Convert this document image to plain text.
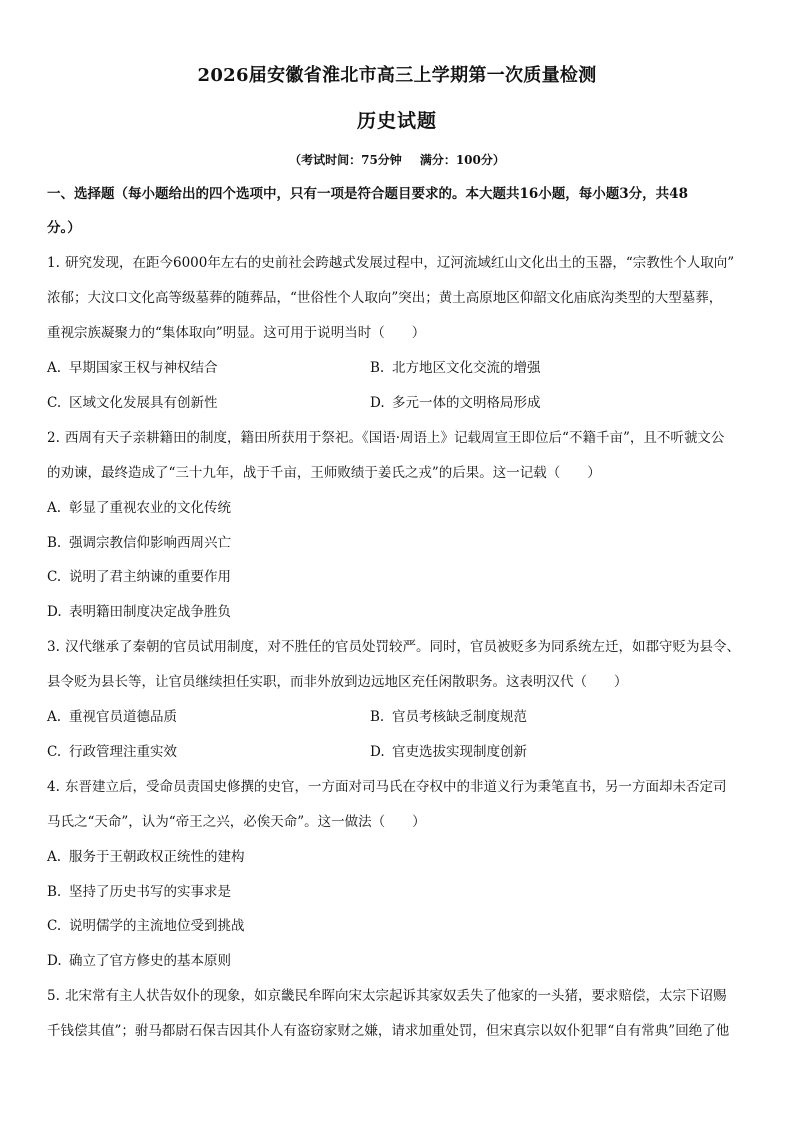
2026届安徽省淮北市高三上学期第一次质量检测
历史试题
（考试时间：75分钟 满分：100分）
一、选择题（每小题给出的四个选项中，只有一项是符合题目要求的。本大题共16小题，每小题3分，共48
分。）
1. 研究发现，在距今6000年左右的史前社会跨越式发展过程中，辽河流域红山文化出土的玉器，“宗教性个人取向”
浓郁；大汶口文化高等级墓葬的随葬品，“世俗性个人取向”突出；黄土高原地区仰韶文化庙底沟类型的大型墓葬，
重视宗族凝聚力的“集体取向”明显。这可用于说明当时（　　）
A. 早期国家王权与神权结合	B. 北方地区文化交流的增强
C. 区域文化发展具有创新性	D. 多元一体的文明格局形成
2. 西周有天子亲耕籍田的制度，籍田所获用于祭祀。《国语·周语上》记载周宣王即位后“不籍千亩”，且不听虢文公
的劝谏，最终造成了“三十九年，战于千亩，王师败绩于姜氏之戎”的后果。这一记载（　　）
A. 彰显了重视农业的文化传统
B. 强调宗教信仰影响西周兴亡
C. 说明了君主纳谏的重要作用
D. 表明籍田制度决定战争胜负
3. 汉代继承了秦朝的官员试用制度，对不胜任的官员处罚较严。同时，官员被贬多为同系统左迁，如郡守贬为县令、
县令贬为县长等，让官员继续担任实职，而非外放到边远地区充任闲散职务。这表明汉代（　　）
A. 重视官员道德品质	B. 官员考核缺乏制度规范
C. 行政管理注重实效	D. 官吏选拔实现制度创新
4. 东晋建立后，受命员责国史修撰的史官，一方面对司马氏在夺权中的非道义行为秉笔直书，另一方面却未否定司
马氏之“天命”，认为“帝王之兴，必俟天命”。这一做法（　　）
A. 服务于王朝政权正统性的建构
B. 坚持了历史书写的实事求是
C. 说明儒学的主流地位受到挑战
D. 确立了官方修史的基本原则
5. 北宋常有主人状告奴仆的现象，如京畿民牟晖向宋太宗起诉其家奴丢失了他家的一头猪，要求赔偿，太宗下诏赐
千钱偿其值”；驸马都尉石保吉因其仆人有盗窃家财之嫌，请求加重处罚，但宋真宗以奴仆犯罪“自有常典”回绝了他
